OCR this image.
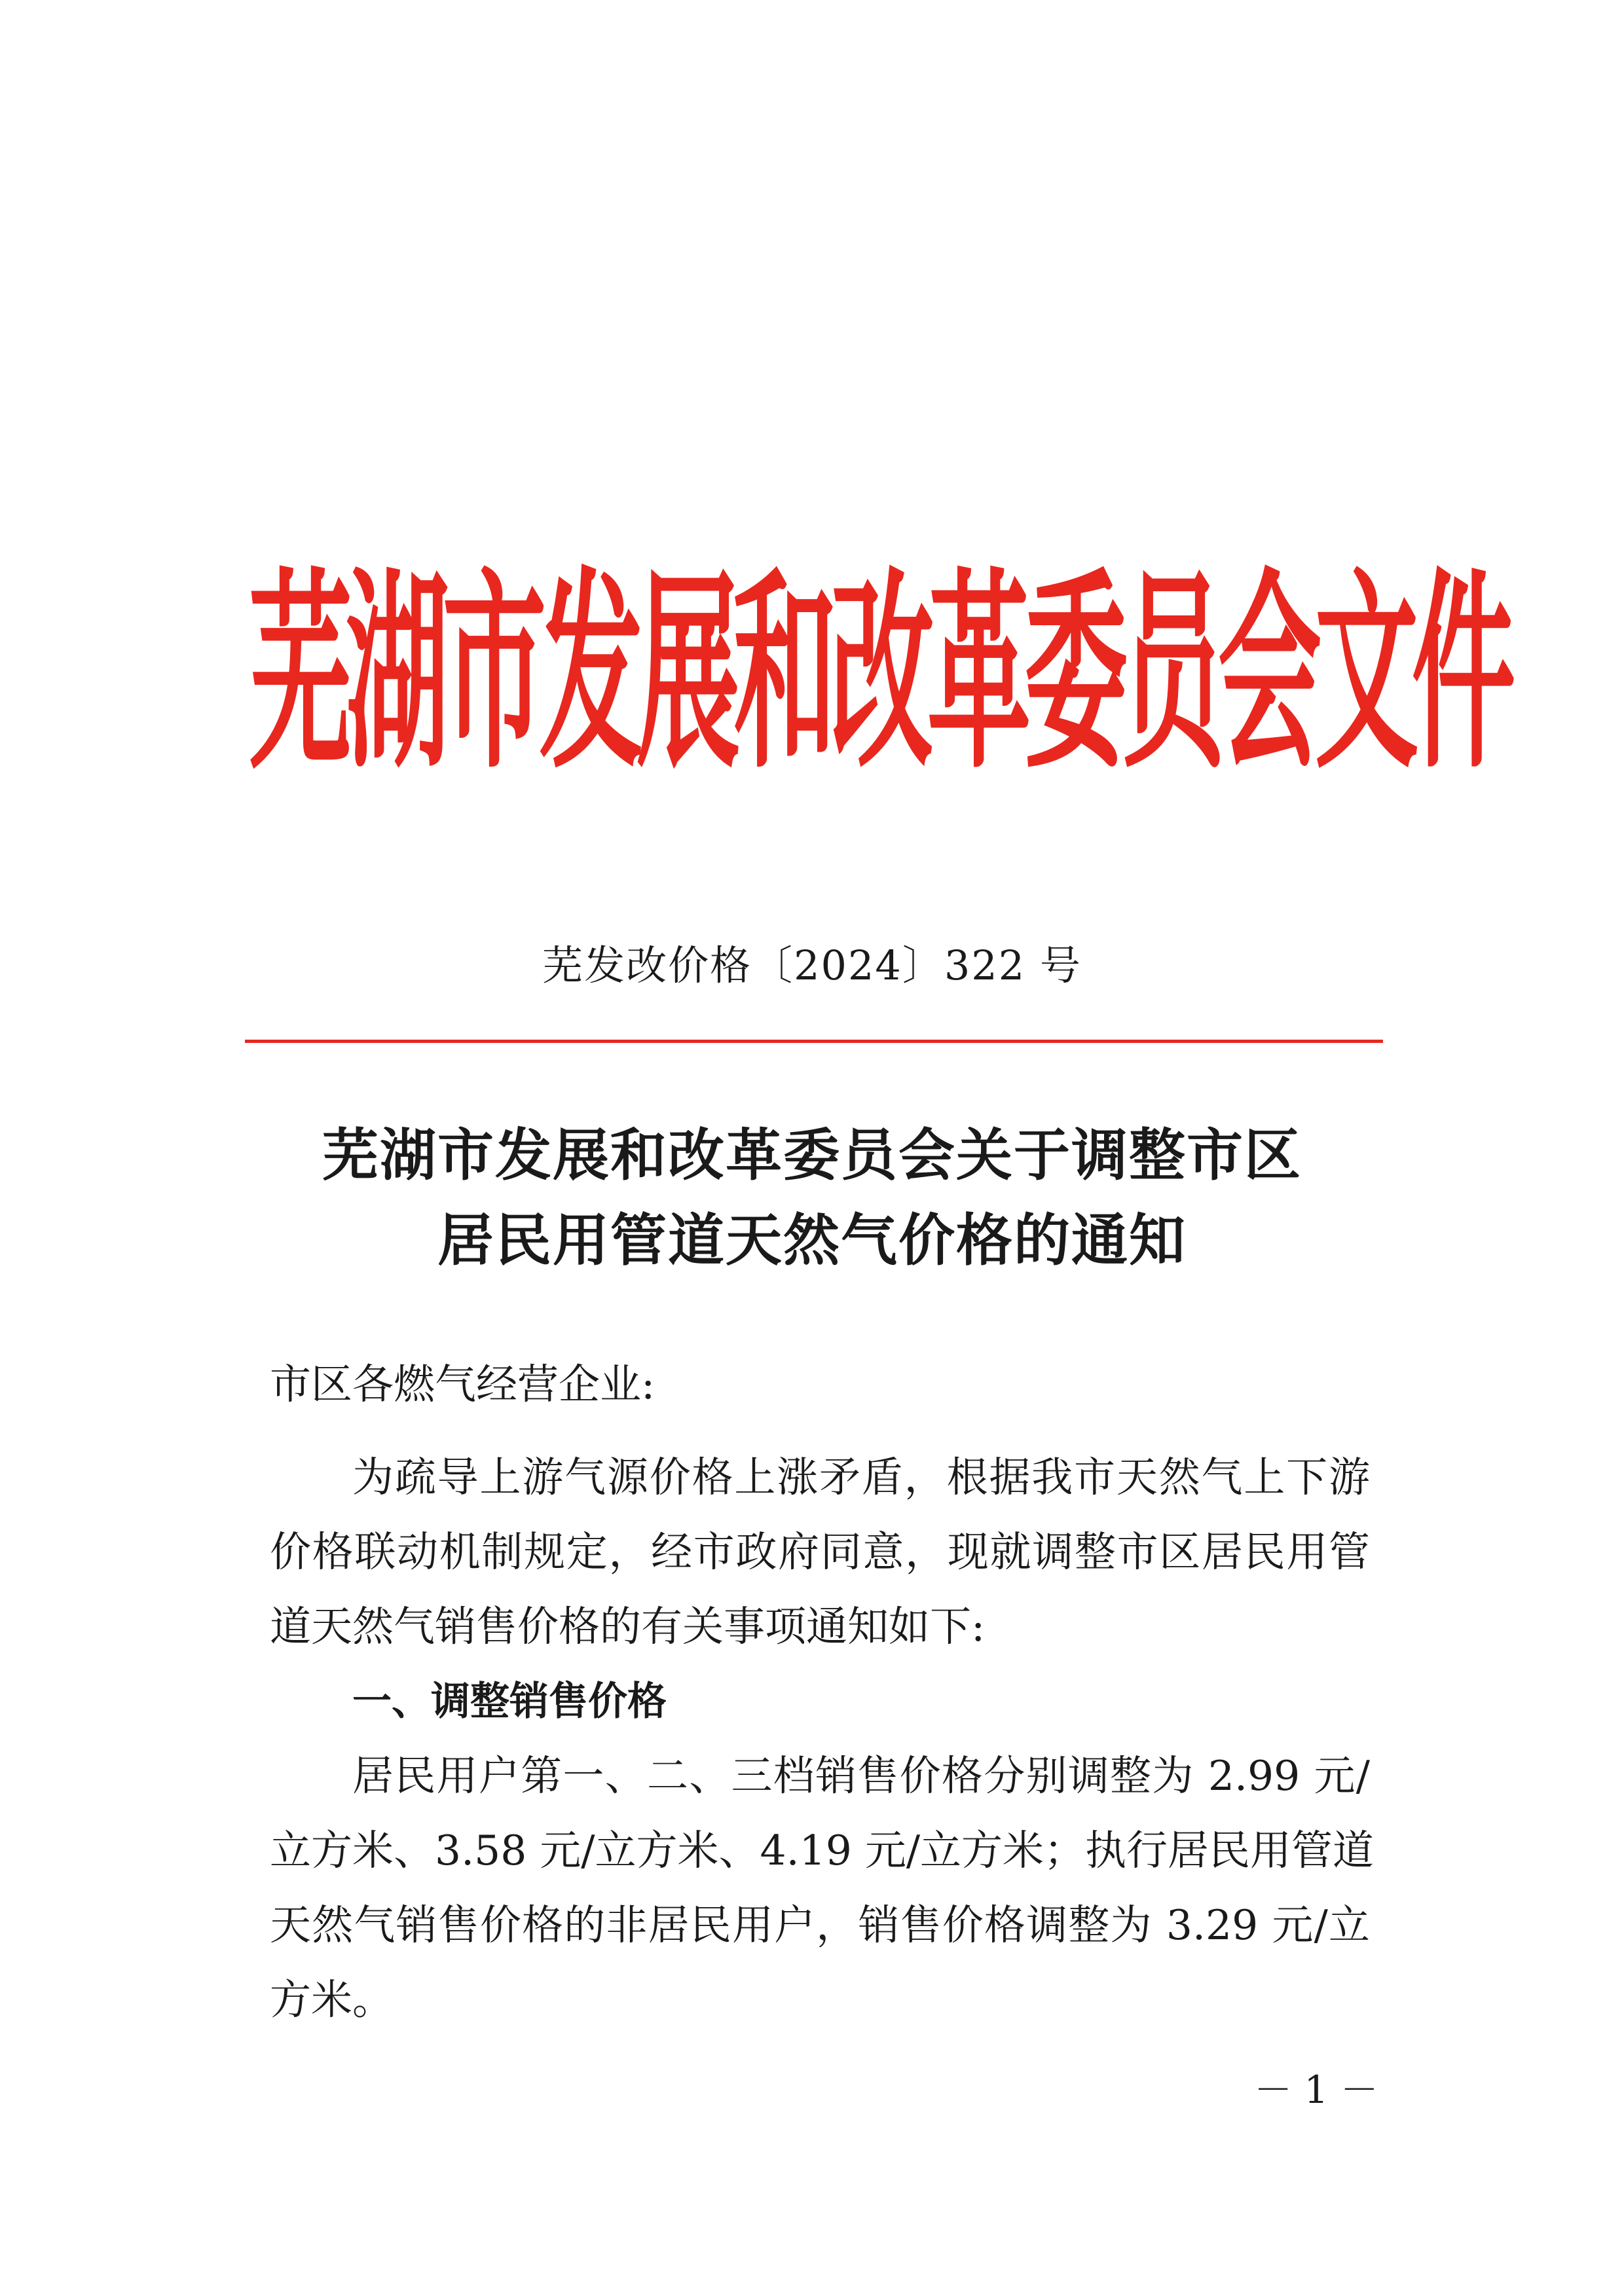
芜湖市发展和改革委员会文件
芜发改价格〔2024〕322 号
芜湖市发展和改革委员会关于调整市区
居民用管道天然气价格的通知
市区各燃气经营企业:
为疏导上游气源价格上涨矛盾，根据我市天然气上下游
价格联动机制规定，经市政府同意，现就调整市区居民用管
道天然气销售价格的有关事项通知如下:
一、调整销售价格
居民用户第一、二、三档销售价格分别调整为 2.99 元/
立方米、3.58 元/立方米、4.19 元/立方米；执行居民用管道
天然气销售价格的非居民用户，销售价格调整为 3.29 元/立
方米。
－ 1 －
